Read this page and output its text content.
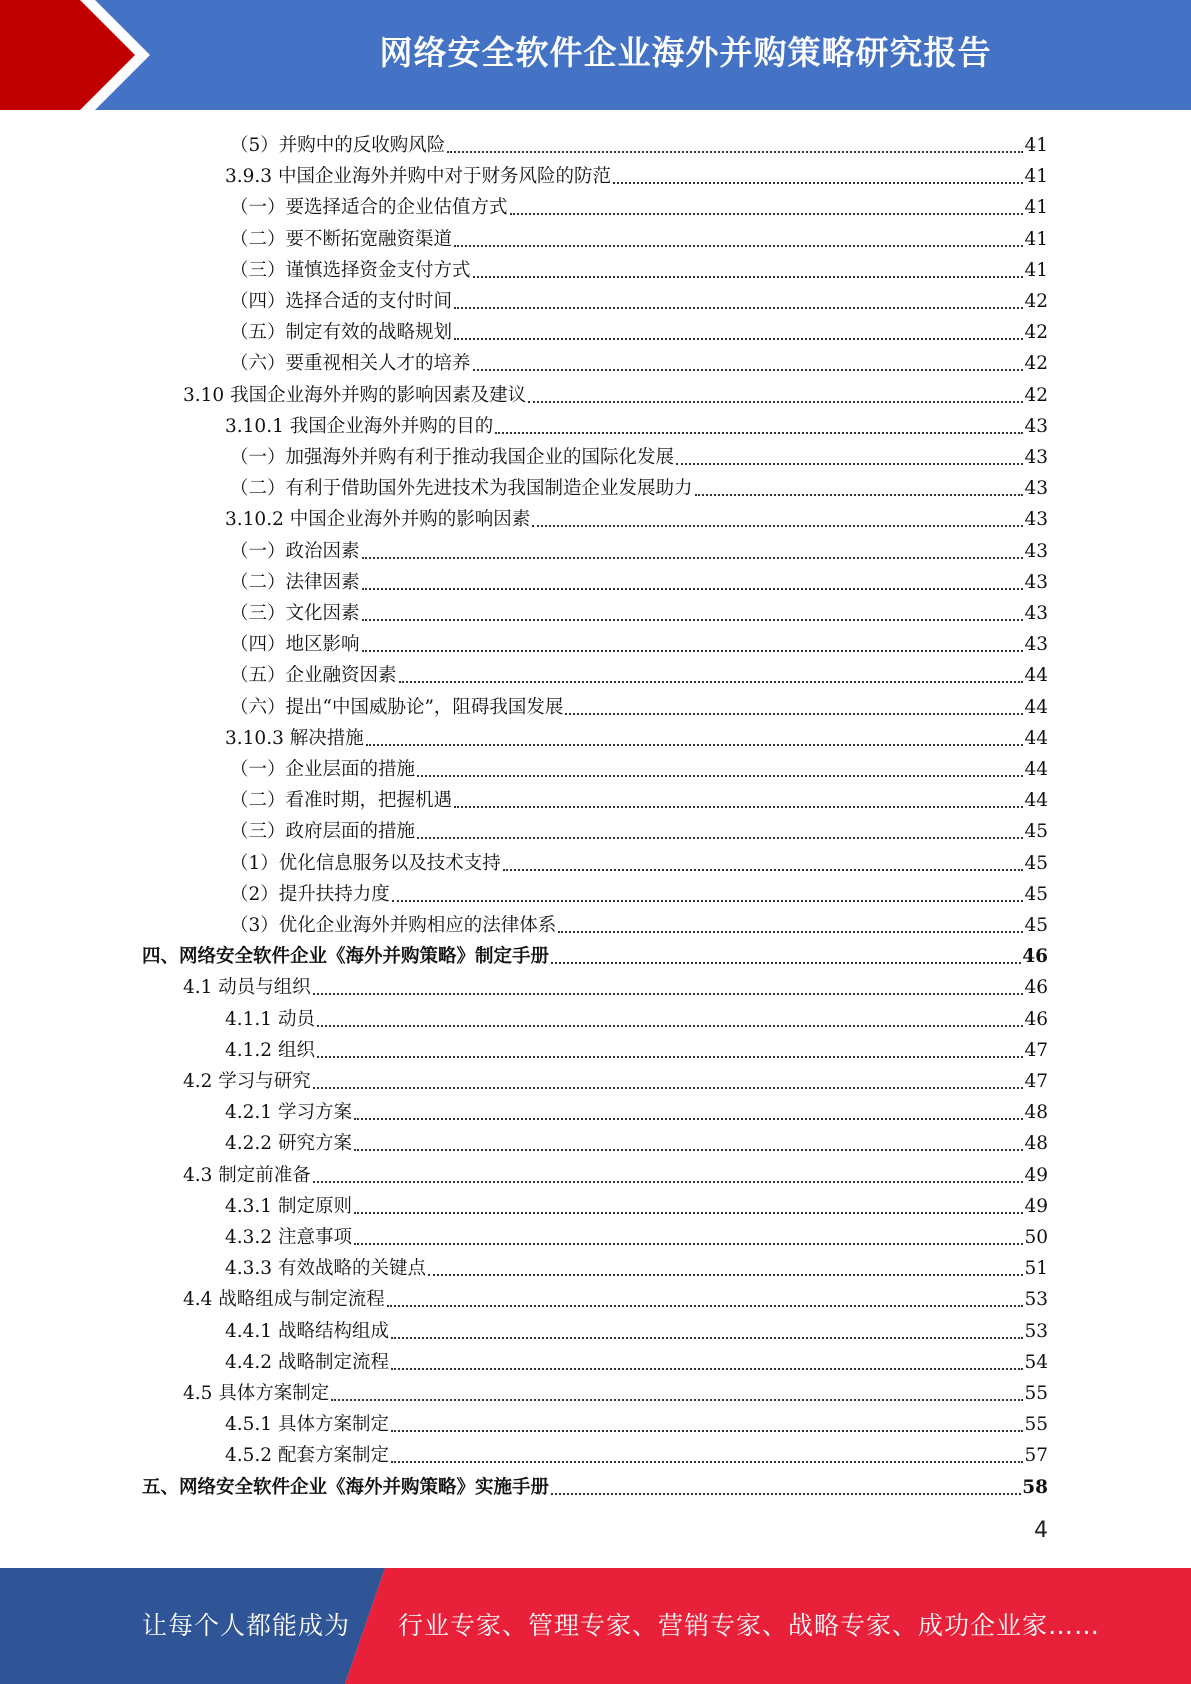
网络安全软件企业海外并购策略研究报告
（5）并购中的反收购风险	41
3.9.3 中国企业海外并购中对于财务风险的防范	41
（一）要选择适合的企业估值方式	41
（二）要不断拓宽融资渠道	41
（三）谨慎选择资金支付方式	41
（四）选择合适的支付时间	42
（五）制定有效的战略规划	42
（六）要重视相关人才的培养	42
3.10 我国企业海外并购的影响因素及建议	42
3.10.1 我国企业海外并购的目的	43
（一）加强海外并购有利于推动我国企业的国际化发展	43
（二）有利于借助国外先进技术为我国制造企业发展助力	43
3.10.2 中国企业海外并购的影响因素	43
（一）政治因素	43
（二）法律因素	43
（三）文化因素	43
（四）地区影响	43
（五）企业融资因素	44
（六）提出“中国威胁论”，阻碍我国发展	44
3.10.3 解决措施	44
（一）企业层面的措施	44
（二）看准时期，把握机遇	44
（三）政府层面的措施	45
（1）优化信息服务以及技术支持	45
（2）提升扶持力度	45
（3）优化企业海外并购相应的法律体系	45
四、网络安全软件企业《海外并购策略》制定手册	46
4.1 动员与组织	46
4.1.1 动员	46
4.1.2 组织	47
4.2 学习与研究	47
4.2.1 学习方案	48
4.2.2 研究方案	48
4.3 制定前准备	49
4.3.1 制定原则	49
4.3.2 注意事项	50
4.3.3 有效战略的关键点	51
4.4 战略组成与制定流程	53
4.4.1 战略结构组成	53
4.4.2 战略制定流程	54
4.5 具体方案制定	55
4.5.1 具体方案制定	55
4.5.2 配套方案制定	57
五、网络安全软件企业《海外并购策略》实施手册	58
4
让每个人都能成为 行业专家、管理专家、营销专家、战略专家、成功企业家……
